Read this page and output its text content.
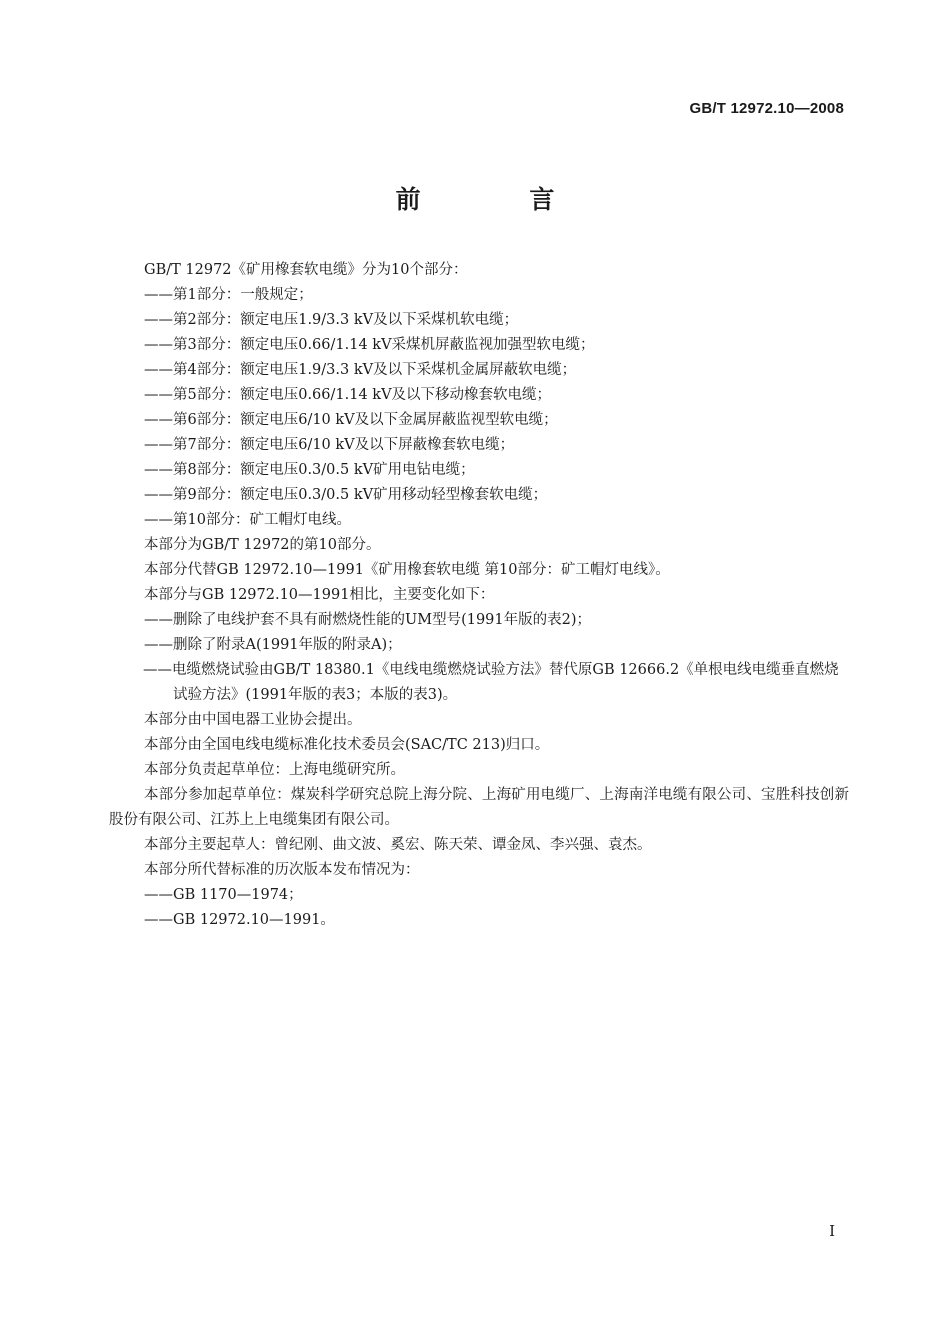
GB/T 12972.10—2008
前 言

GB/T 12972《矿用橡套软电缆》分为10个部分：

——第1部分：一般规定；

——第2部分：额定电压1.9/3.3 kV及以下采煤机软电缆；

——第3部分：额定电压0.66/1.14 kV采煤机屏蔽监视加强型软电缆；

——第4部分：额定电压1.9/3.3 kV及以下采煤机金属屏蔽软电缆；

——第5部分：额定电压0.66/1.14 kV及以下移动橡套软电缆；

——第6部分：额定电压6/10 kV及以下金属屏蔽监视型软电缆；

——第7部分：额定电压6/10 kV及以下屏蔽橡套软电缆；

——第8部分：额定电压0.3/0.5 kV矿用电钻电缆；

——第9部分：额定电压0.3/0.5 kV矿用移动轻型橡套软电缆；

——第10部分：矿工帽灯电线。

本部分为GB/T 12972的第10部分。

本部分代替GB 12972.10—1991《矿用橡套软电缆 第10部分：矿工帽灯电线》。

本部分与GB 12972.10—1991相比，主要变化如下：

——删除了电线护套不具有耐燃烧性能的UM型号(1991年版的表2)；

——删除了附录A(1991年版的附录A)；

——电缆燃烧试验由GB/T 18380.1《电线电缆燃烧试验方法》替代原GB 12666.2《单根电线电缆垂直燃烧试验方法》(1991年版的表3；本版的表3)。

本部分由中国电器工业协会提出。

本部分由全国电线电缆标准化技术委员会(SAC/TC 213)归口。

本部分负责起草单位：上海电缆研究所。

本部分参加起草单位：煤炭科学研究总院上海分院、上海矿用电缆厂、上海南洋电缆有限公司、宝胜科技创新股份有限公司、江苏上上电缆集团有限公司。

本部分主要起草人：曾纪刚、曲文波、奚宏、陈天荣、谭金凤、李兴强、袁杰。

本部分所代替标准的历次版本发布情况为：

——GB 1170—1974；

——GB 12972.10—1991。

I
